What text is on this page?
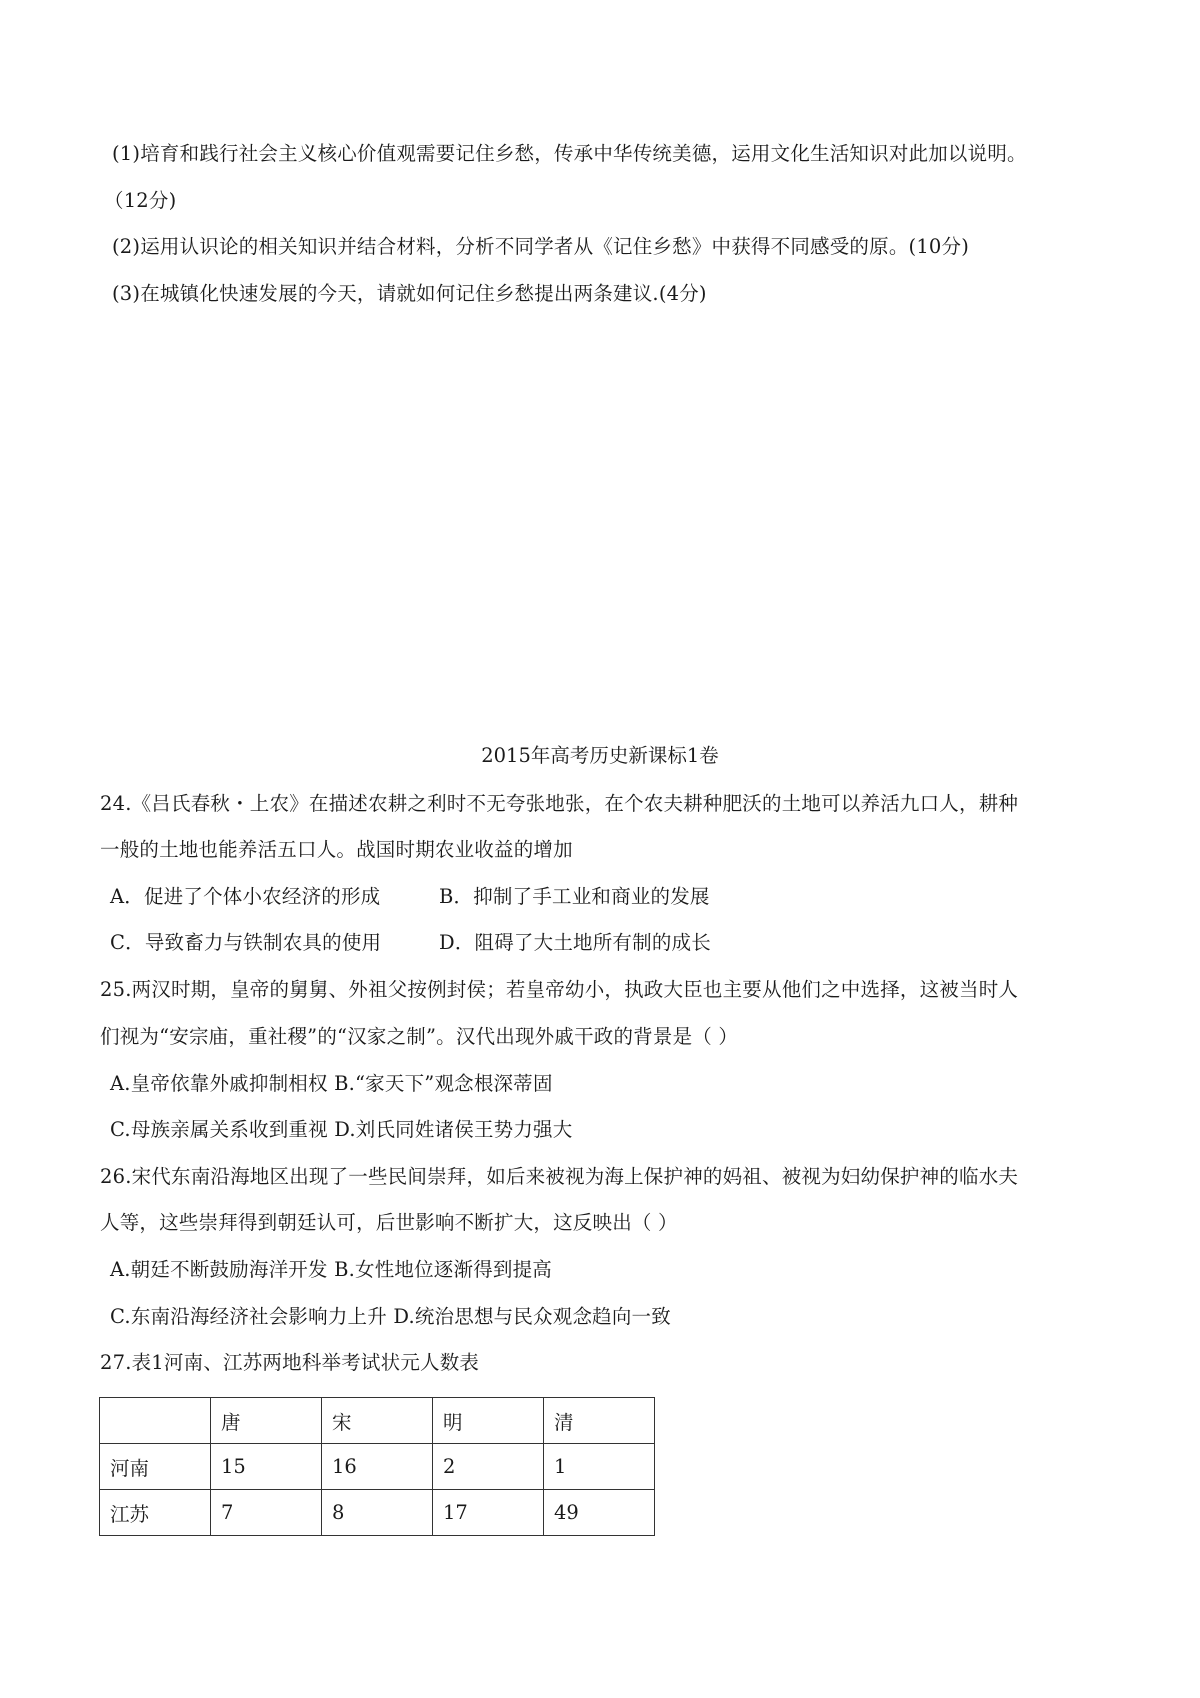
(1)培育和践行社会主义核心价值观需要记住乡愁，传承中华传统美德，运用文化生活知识对此加以说明。
（12分)
(2)运用认识论的相关知识并结合材料，分析不同学者从《记住乡愁》中获得不同感受的原。(10分)
(3)在城镇化快速发展的今天，请就如何记住乡愁提出两条建议.(4分)
2015年高考历史新课标1卷
24.《吕氏春秋・上农》在描述农耕之利时不无夸张地张，在个农夫耕种肥沃的土地可以养活九口人，耕种
一般的土地也能养活五口人。战国时期农业收益的增加
A．促进了个体小农经济的形成	B．抑制了手工业和商业的发展
C．导致畜力与铁制农具的使用	D．阻碍了大土地所有制的成长
25.两汉时期，皇帝的舅舅、外祖父按例封侯；若皇帝幼小，执政大臣也主要从他们之中选择，这被当时人
们视为“安宗庙，重社稷”的“汉家之制”。汉代出现外戚干政的背景是（ ）
A.皇帝依靠外戚抑制相权 B.“家天下”观念根深蒂固
C.母族亲属关系收到重视 D.刘氏同姓诸侯王势力强大
26.宋代东南沿海地区出现了一些民间崇拜，如后来被视为海上保护神的妈祖、被视为妇幼保护神的临水夫
人等，这些崇拜得到朝廷认可，后世影响不断扩大，这反映出（ ）
A.朝廷不断鼓励海洋开发 B.女性地位逐渐得到提高
C.东南沿海经济社会影响力上升 D.统治思想与民众观念趋向一致
27.表1河南、江苏两地科举考试状元人数表
	唐	宋	明	清
河南	15	16	2	1
江苏	7	8	17	49
